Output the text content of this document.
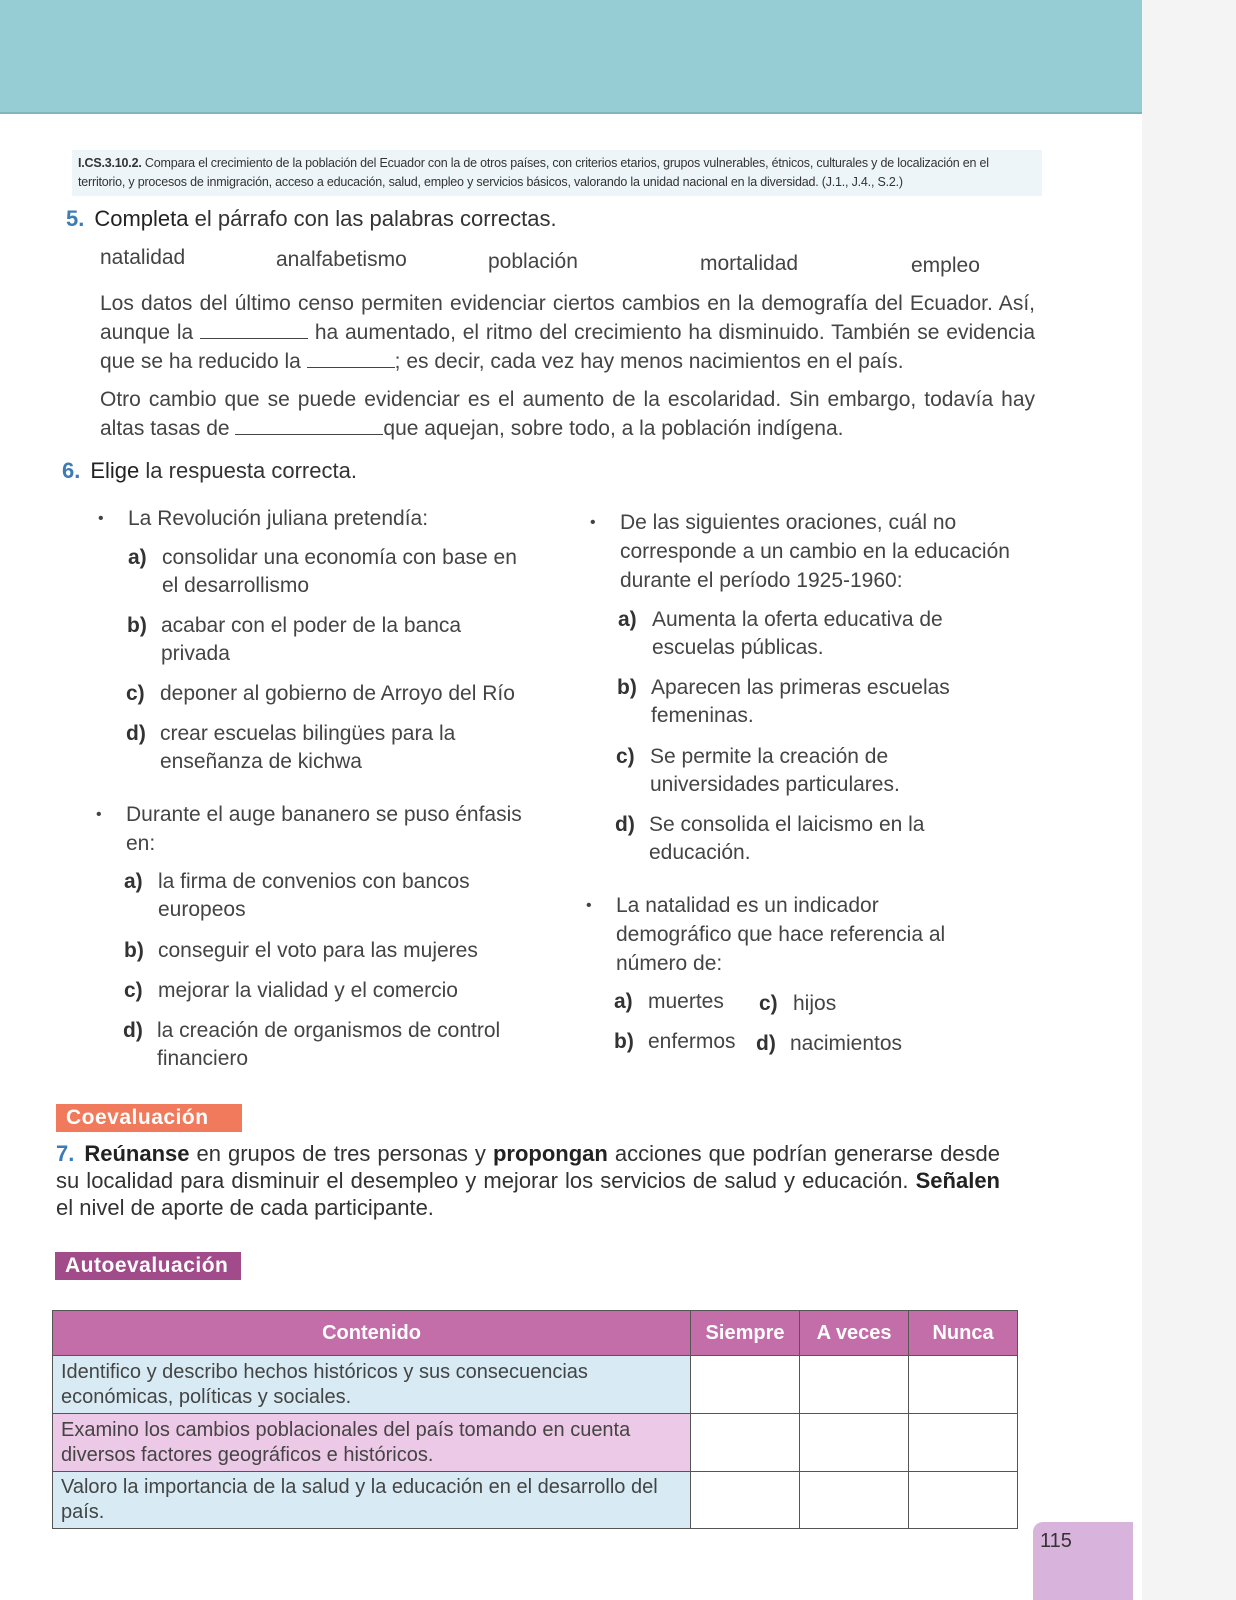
I.CS.3.10.2. Compara el crecimiento de la población del Ecuador con la de otros países, con criterios etarios, grupos vulnerables, étnicos, culturales y de localización en el territorio, y procesos de inmigración, acceso a educación, salud, empleo y servicios básicos, valorando la unidad nacional en la diversidad. (J.1., J.4., S.2.)
5. Completa el párrafo con las palabras correctas.
natalidad	analfabetismo	población	mortalidad	empleo
Los datos del último censo permiten evidenciar ciertos cambios en la demografía del Ecuador. Así, aunque la	ha aumentado, el ritmo del crecimiento ha disminuido. También se evidencia que se ha reducido la	; es decir, cada vez hay menos nacimientos en el país.
Otro cambio que se puede evidenciar es el aumento de la escolaridad. Sin embargo, todavía hay altas tasas de	que aquejan, sobre todo, a la población indígena.
6. Elige la respuesta correcta.
• La Revolución juliana pretendía:
a) consolidar una economía con base en el desarrollismo
b) acabar con el poder de la banca privada
c) deponer al gobierno de Arroyo del Río
d) crear escuelas bilingües para la enseñanza de kichwa
• Durante el auge bananero se puso énfasis en:
a) la firma de convenios con bancos europeos
b) conseguir el voto para las mujeres
c) mejorar la vialidad y el comercio
d) la creación de organismos de control financiero
• De las siguientes oraciones, cuál no corresponde a un cambio en la educación durante el período 1925-1960:
a) Aumenta la oferta educativa de escuelas públicas.
b) Aparecen las primeras escuelas femeninas.
c) Se permite la creación de universidades particulares.
d) Se consolida el laicismo en la educación.
• La natalidad es un indicador demográfico que hace referencia al número de:
a) muertes c) hijos
b) enfermos d) nacimientos
Coevaluación
7. Reúnanse en grupos de tres personas y propongan acciones que podrían generarse desde su localidad para disminuir el desempleo y mejorar los servicios de salud y educación. Señalen el nivel de aporte de cada participante.
Autoevaluación
Contenido	Siempre	A veces	Nunca
Identifico y describo hechos históricos y sus consecuencias económicas, políticas y sociales.			
Examino los cambios poblacionales del país tomando en cuenta diversos factores geográficos e históricos.			
Valoro la importancia de la salud y la educación en el desarrollo del país.			
115
